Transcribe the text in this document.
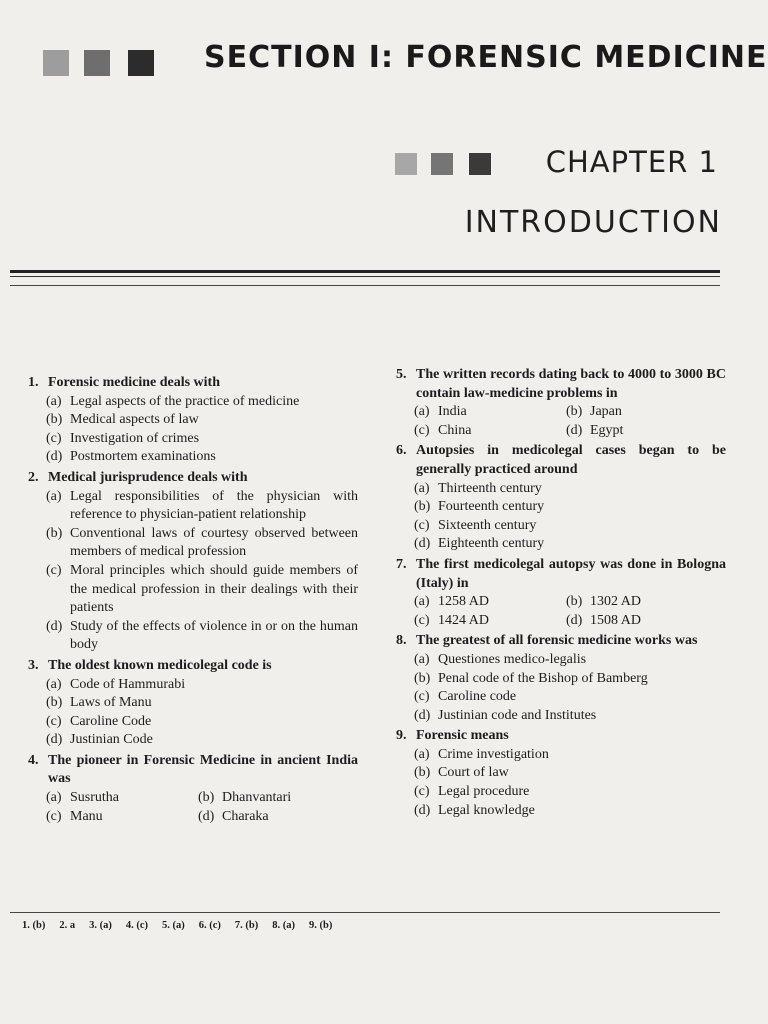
SECTION I: FORENSIC MEDICINE
CHAPTER 1
INTRODUCTION
1. Forensic medicine deals with
(a) Legal aspects of the practice of medicine
(b) Medical aspects of law
(c) Investigation of crimes
(d) Postmortem examinations
2. Medical jurisprudence deals with
(a) Legal responsibilities of the physician with reference to physician-patient relationship
(b) Conventional laws of courtesy observed between members of medical profession
(c) Moral principles which should guide members of the medical profession in their dealings with their patients
(d) Study of the effects of violence in or on the human body
3. The oldest known medicolegal code is
(a) Code of Hammurabi
(b) Laws of Manu
(c) Caroline Code
(d) Justinian Code
4. The pioneer in Forensic Medicine in ancient India was
(a) Susrutha	(b) Dhanvantari
(c) Manu	(d) Charaka
5. The written records dating back to 4000 to 3000 BC contain law-medicine problems in
(a) India	(b) Japan
(c) China	(d) Egypt
6. Autopsies in medicolegal cases began to be generally practiced around
(a) Thirteenth century
(b) Fourteenth century
(c) Sixteenth century
(d) Eighteenth century
7. The first medicolegal autopsy was done in Bologna (Italy) in
(a) 1258 AD	(b) 1302 AD
(c) 1424 AD	(d) 1508 AD
8. The greatest of all forensic medicine works was
(a) Questiones medico-legalis
(b) Penal code of the Bishop of Bamberg
(c) Caroline code
(d) Justinian code and Institutes
9. Forensic means
(a) Crime investigation
(b) Court of law
(c) Legal procedure
(d) Legal knowledge
1. (b) 2. a 3. (a) 4. (c) 5. (a) 6. (c) 7. (b) 8. (a) 9. (b)
